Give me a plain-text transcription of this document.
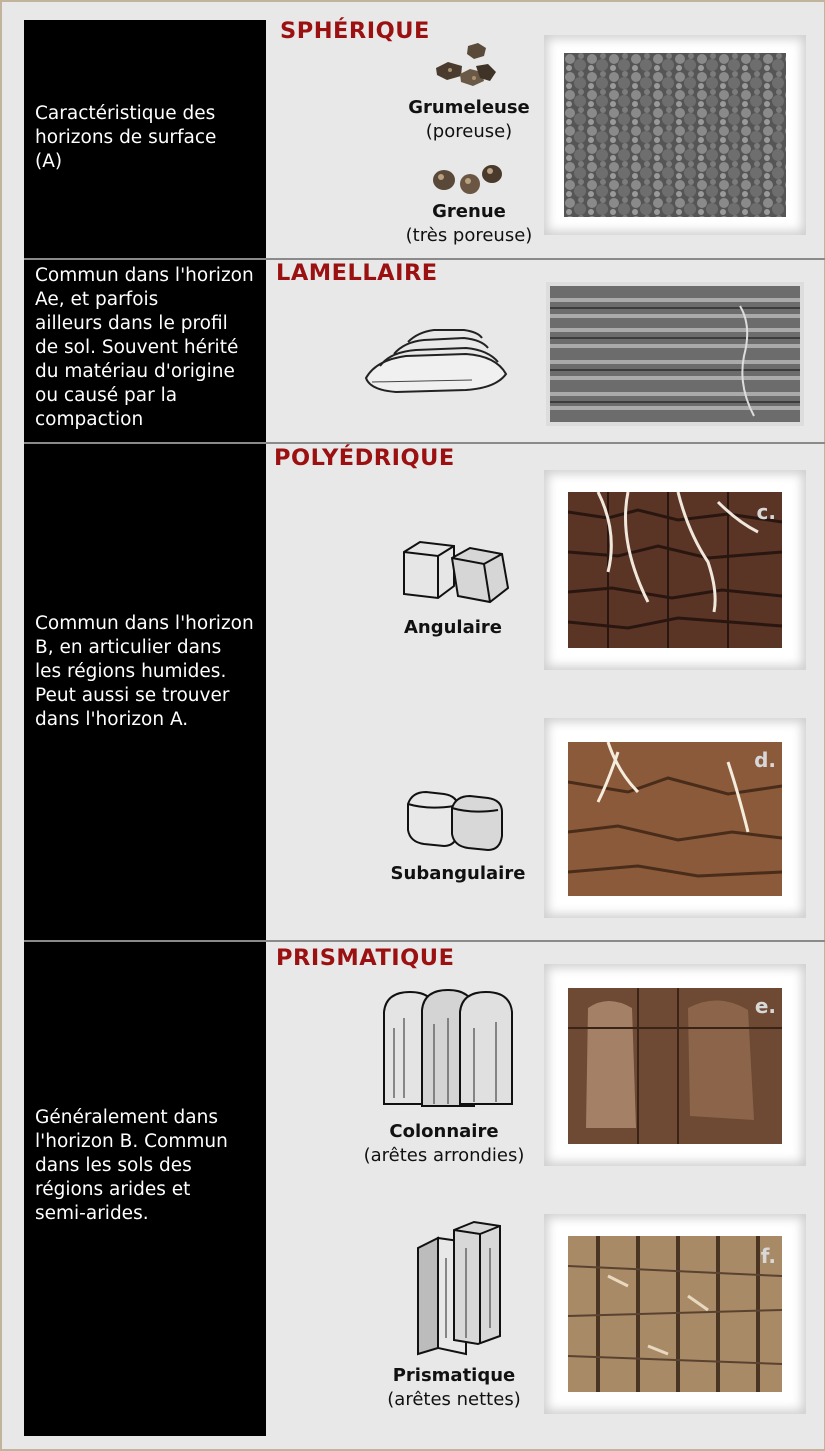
Caractéristique des
horizons de surface
(A)
SPHÉRIQUE
Grumeleuse
(poreuse)
Grenue
(très poreuse)
Commun dans l'horizon
Ae, et parfois
ailleurs dans le profil
de sol. Souvent hérité
du matériau d'origine
ou causé par la
compaction
LAMELLAIRE
Commun dans l'horizon
B, en articulier dans
les régions humides.
Peut aussi se trouver
dans l'horizon A.
POLYÉDRIQUE
Angulaire
c.
Subangulaire
d.
Généralement dans
l'horizon B. Commun
dans les sols des
régions arides et
semi-arides.
PRISMATIQUE
Colonnaire
(arêtes arrondies)
e.
Prismatique
(arêtes nettes)
f.
